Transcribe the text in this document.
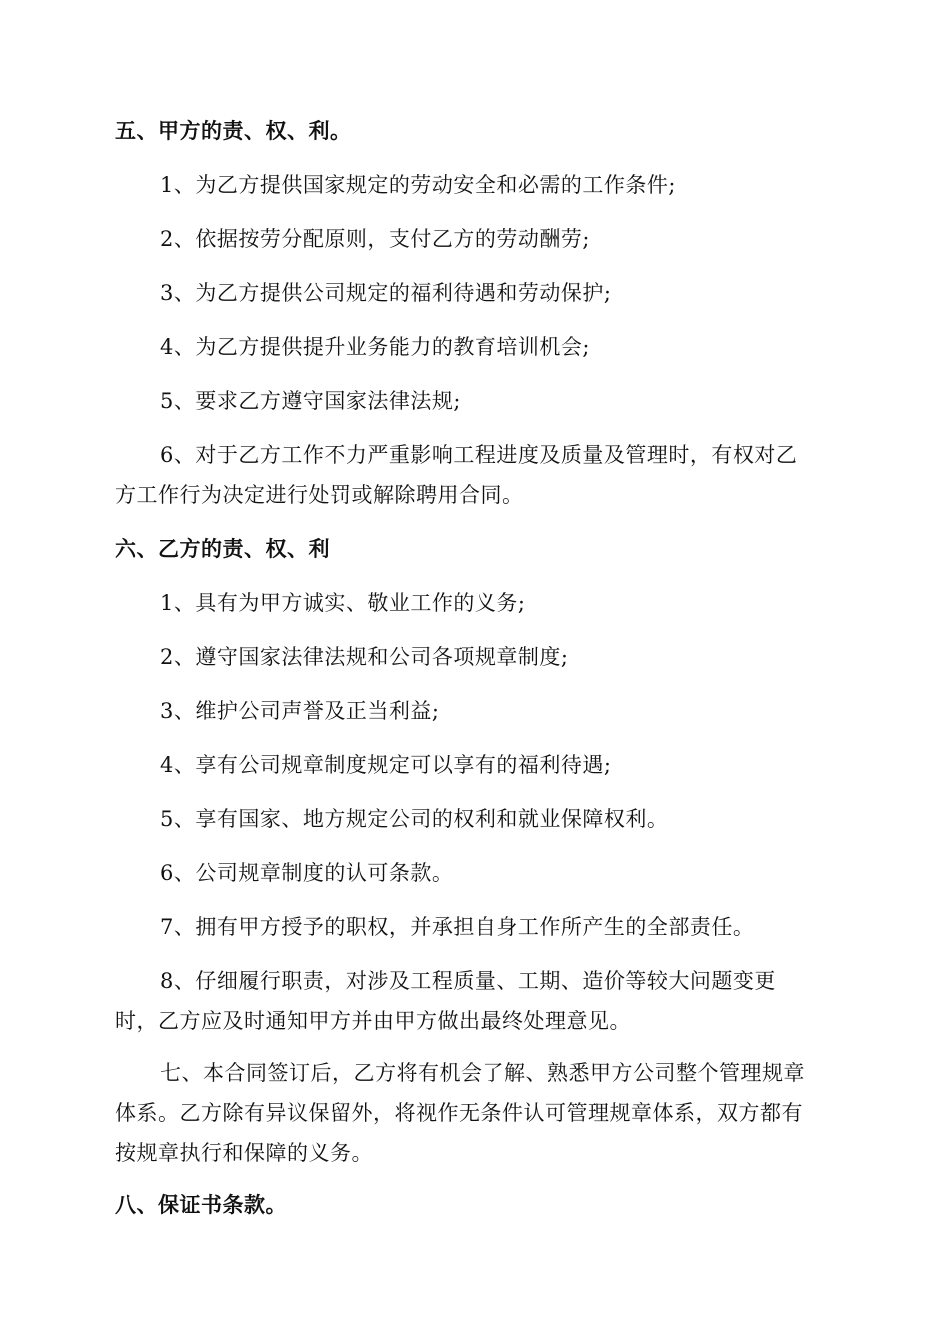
五、甲方的责、权、利。
1、为乙方提供国家规定的劳动安全和必需的工作条件;
2、依据按劳分配原则，支付乙方的劳动酬劳;
3、为乙方提供公司规定的福利待遇和劳动保护;
4、为乙方提供提升业务能力的教育培训机会;
5、要求乙方遵守国家法律法规;
6、对于乙方工作不力严重影响工程进度及质量及管理时，有权对乙
方工作行为决定进行处罚或解除聘用合同。
六、乙方的责、权、利
1、具有为甲方诚实、敬业工作的义务;
2、遵守国家法律法规和公司各项规章制度;
3、维护公司声誉及正当利益;
4、享有公司规章制度规定可以享有的福利待遇;
5、享有国家、地方规定公司的权利和就业保障权利。
6、公司规章制度的认可条款。
7、拥有甲方授予的职权，并承担自身工作所产生的全部责任。
8、仔细履行职责，对涉及工程质量、工期、造价等较大问题变更
时，乙方应及时通知甲方并由甲方做出最终处理意见。
七、本合同签订后，乙方将有机会了解、熟悉甲方公司整个管理规章
体系。乙方除有异议保留外，将视作无条件认可管理规章体系，双方都有
按规章执行和保障的义务。
八、保证书条款。
